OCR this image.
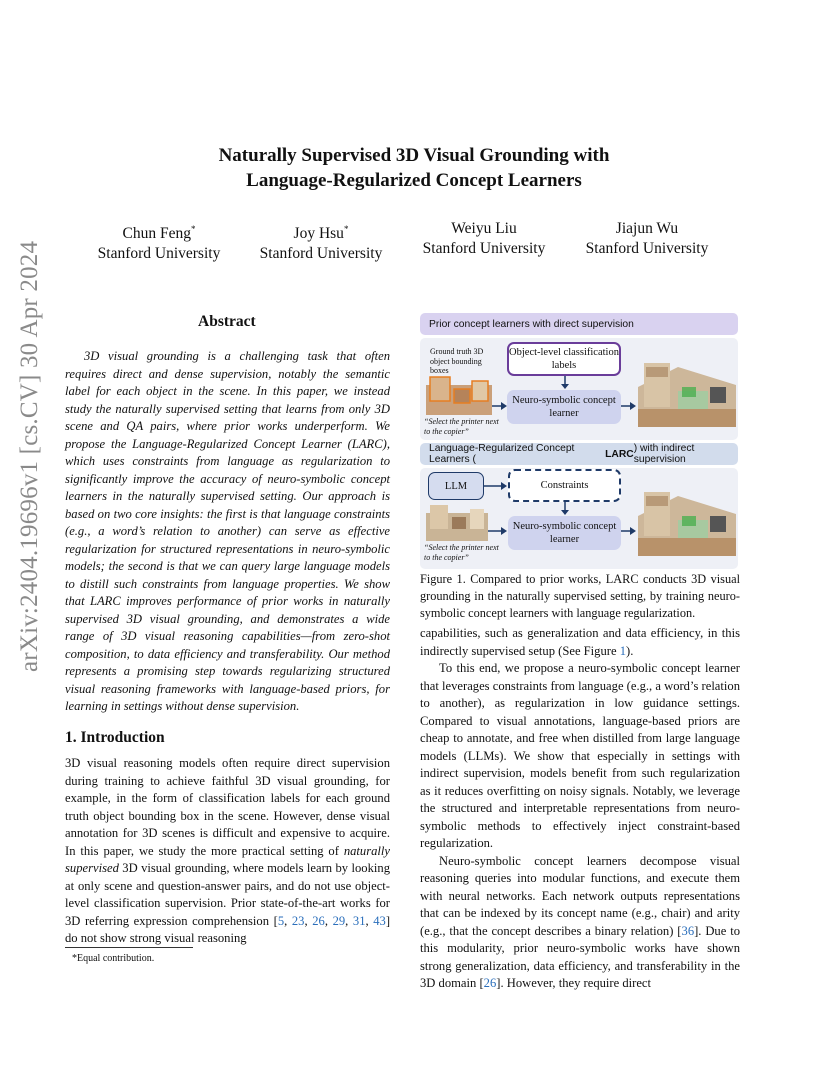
arXiv:2404.19696v1 [cs.CV] 30 Apr 2024
Naturally Supervised 3D Visual Grounding with
Language-Regularized Concept Learners
Chun Feng*
Stanford University
Joy Hsu*
Stanford University
Weiyu Liu
Stanford University
Jiajun Wu
Stanford University
Abstract
3D visual grounding is a challenging task that often requires direct and dense supervision, notably the semantic label for each object in the scene. In this paper, we instead study the naturally supervised setting that learns from only 3D scene and QA pairs, where prior works underperform. We propose the Language-Regularized Concept Learner (LARC), which uses constraints from language as regularization to significantly improve the accuracy of neuro-symbolic concept learners in the naturally supervised setting. Our approach is based on two core insights: the first is that language constraints (e.g., a word’s relation to another) can serve as effective regularization for structured representations in neuro-symbolic models; the second is that we can query large language models to distill such constraints from language properties. We show that LARC improves performance of prior works in naturally supervised 3D visual grounding, and demonstrates a wide range of 3D visual reasoning capabilities—from zero-shot composition, to data efficiency and transferability. Our method represents a promising step towards regularizing structured visual reasoning frameworks with language-based priors, for learning in settings without dense supervision.
1. Introduction
3D visual reasoning models often require direct supervision during training to achieve faithful 3D visual grounding, for example, in the form of classification labels for each ground truth object bounding box in the scene. However, dense visual annotation for 3D scenes is difficult and expensive to acquire. In this paper, we study the more practical setting of naturally supervised 3D visual grounding, where models learn by looking at only scene and question-answer pairs, and do not use object-level classification supervision. Prior state-of-the-art works for 3D referring expression comprehension [5, 23, 26, 29, 31, 43] do not show strong visual reasoning
*Equal contribution.
Prior concept learners with direct supervision
Ground truth 3D object bounding boxes
“Select the printer next to the copier”
Object-level classification labels
Neuro-symbolic concept learner
Language-Regularized Concept Learners (	LARC ) with indirect supervision
LLM	Constraints
“Select the printer next to the copier”
Neuro-symbolic concept learner
Figure 1. Compared to prior works, LARC conducts 3D visual grounding in the naturally supervised setting, by training neuro-symbolic concept learners with language regularization.

capabilities, such as generalization and data efficiency, in this indirectly supervised setup (See Figure 1).

To this end, we propose a neuro-symbolic concept learner that leverages constraints from language (e.g., a word’s relation to another), as regularization in low guidance settings. Compared to visual annotations, language-based priors are cheap to annotate, and free when distilled from large language models (LLMs). We show that especially in settings with indirect supervision, models benefit from such regularization as it reduces overfitting on noisy signals. Notably, we leverage the structured and interpretable representations from neuro-symbolic methods to effectively inject constraint-based regularization.

Neuro-symbolic concept learners decompose visual reasoning queries into modular functions, and execute them with neural networks. Each network outputs representations that can be indexed by its concept name (e.g., chair) and arity (e.g., that the concept describes a binary relation) [36]. Due to this modularity, prior neuro-symbolic works have shown strong generalization, data efficiency, and transferability in the 3D domain [26]. However, they require direct
